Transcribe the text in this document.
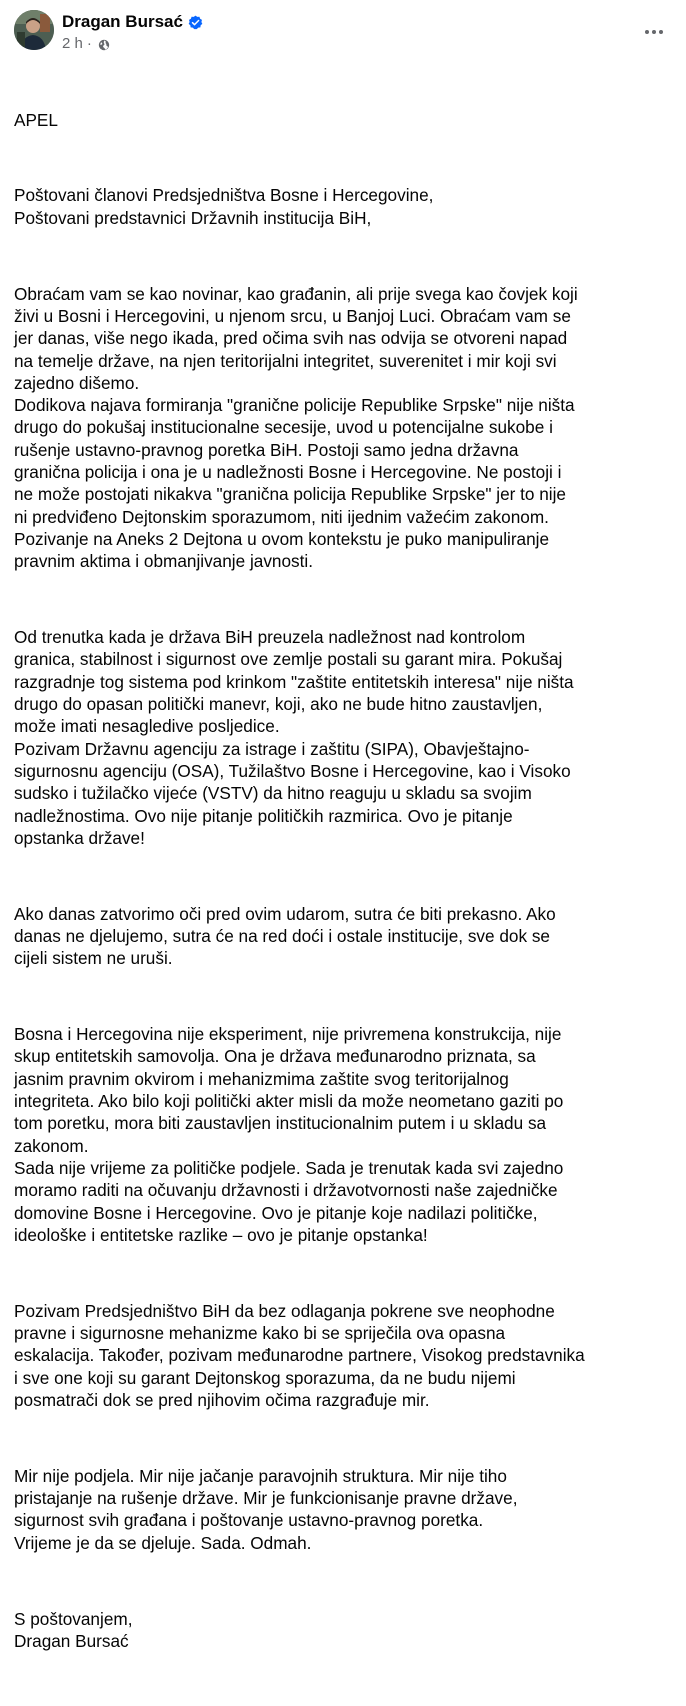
Dragan Bursać
2 h ·

APEL

Poštovani članovi Predsjedništva Bosne i Hercegovine,
Poštovani predstavnici Državnih institucija BiH,

Obraćam vam se kao novinar, kao građanin, ali prije svega kao čovjek koji
živi u Bosni i Hercegovini, u njenom srcu, u Banjoj Luci. Obraćam vam se
jer danas, više nego ikada, pred očima svih nas odvija se otvoreni napad
na temelje države, na njen teritorijalni integritet, suverenitet i mir koji svi
zajedno dišemo.
Dodikova najava formiranja "granične policije Republike Srpske" nije ništa
drugo do pokušaj institucionalne secesije, uvod u potencijalne sukobe i
rušenje ustavno-pravnog poretka BiH. Postoji samo jedna državna
granična policija i ona je u nadležnosti Bosne i Hercegovine. Ne postoji i
ne može postojati nikakva "granična policija Republike Srpske" jer to nije
ni predviđeno Dejtonskim sporazumom, niti ijednim važećim zakonom.
Pozivanje na Aneks 2 Dejtona u ovom kontekstu je puko manipuliranje
pravnim aktima i obmanjivanje javnosti.

Od trenutka kada je država BiH preuzela nadležnost nad kontrolom
granica, stabilnost i sigurnost ove zemlje postali su garant mira. Pokušaj
razgradnje tog sistema pod krinkom "zaštite entitetskih interesa" nije ništa
drugo do opasan politički manevr, koji, ako ne bude hitno zaustavljen,
može imati nesagledive posljedice.
Pozivam Državnu agenciju za istrage i zaštitu (SIPA), Obavještajno-
sigurnosnu agenciju (OSA), Tužilaštvo Bosne i Hercegovine, kao i Visoko
sudsko i tužilačko vijeće (VSTV) da hitno reaguju u skladu sa svojim
nadležnostima. Ovo nije pitanje političkih razmirica. Ovo je pitanje
opstanka države!

Ako danas zatvorimo oči pred ovim udarom, sutra će biti prekasno. Ako
danas ne djelujemo, sutra će na red doći i ostale institucije, sve dok se
cijeli sistem ne uruši.

Bosna i Hercegovina nije eksperiment, nije privremena konstrukcija, nije
skup entitetskih samovolja. Ona je država međunarodno priznata, sa
jasnim pravnim okvirom i mehanizmima zaštite svog teritorijalnog
integriteta. Ako bilo koji politički akter misli da može neometano gaziti po
tom poretku, mora biti zaustavljen institucionalnim putem i u skladu sa
zakonom.
Sada nije vrijeme za političke podjele. Sada je trenutak kada svi zajedno
moramo raditi na očuvanju državnosti i državotvornosti naše zajedničke
domovine Bosne i Hercegovine. Ovo je pitanje koje nadilazi političke,
ideološke i entitetske razlike – ovo je pitanje opstanka!

Pozivam Predsjedništvo BiH da bez odlaganja pokrene sve neophodne
pravne i sigurnosne mehanizme kako bi se spriječila ova opasna
eskalacija. Također, pozivam međunarodne partnere, Visokog predstavnika
i sve one koji su garant Dejtonskog sporazuma, da ne budu nijemi
posmatrači dok se pred njihovim očima razgrađuje mir.

Mir nije podjela. Mir nije jačanje paravojnih struktura. Mir nije tiho
pristajanje na rušenje države. Mir je funkcionisanje pravne države,
sigurnost svih građana i poštovanje ustavno-pravnog poretka.
Vrijeme je da se djeluje. Sada. Odmah.

S poštovanjem,
Dragan Bursać
